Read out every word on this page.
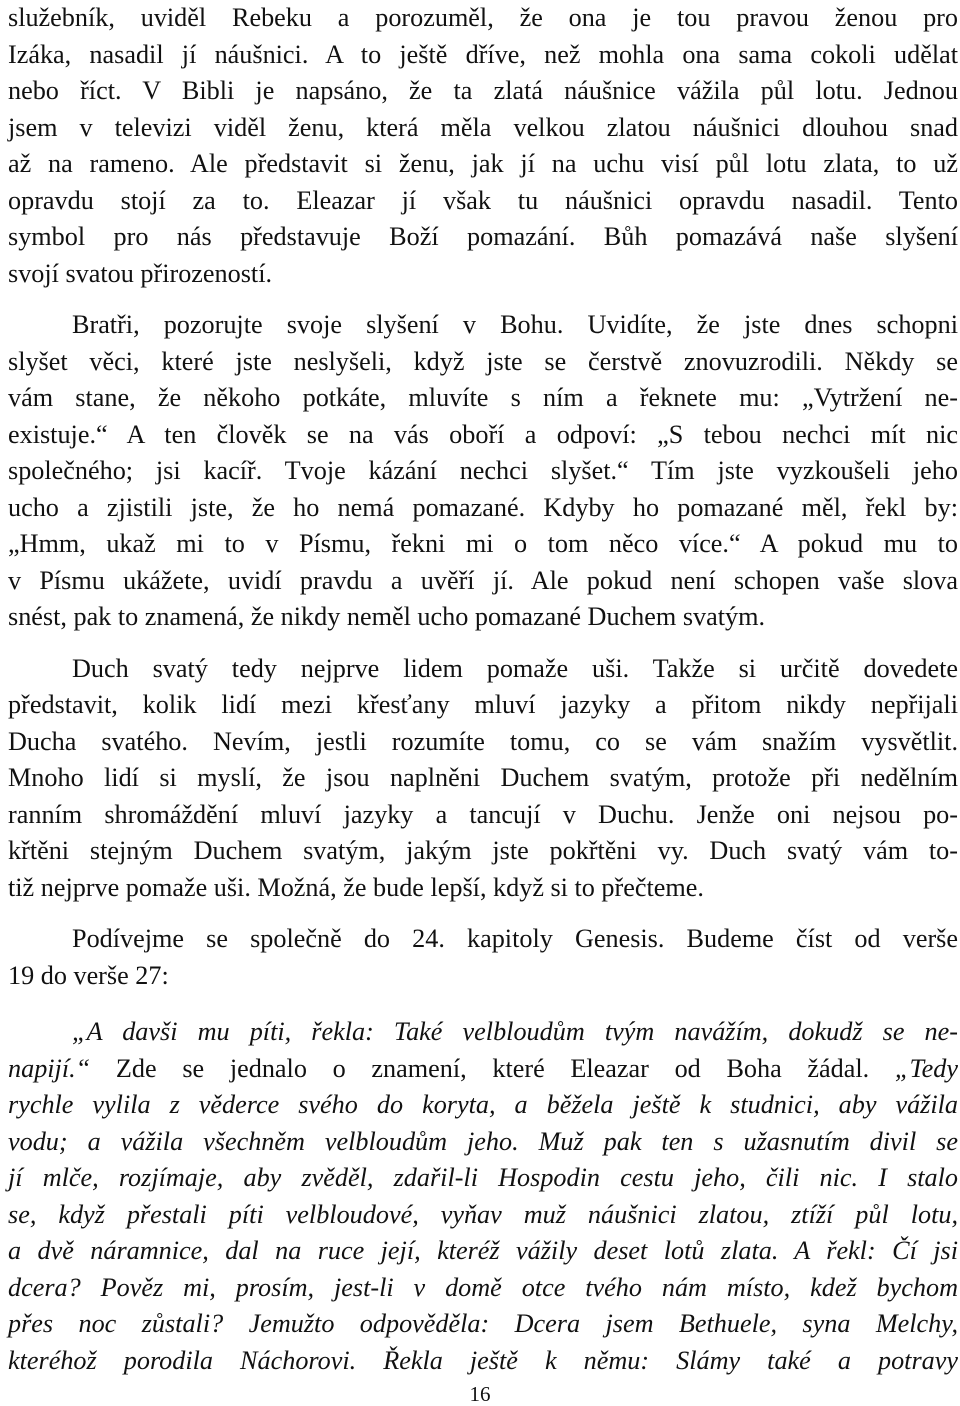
služebník, uviděl Rebeku a porozuměl, že ona je tou pravou ženou pro
Izáka, nasadil jí náušnici. A to ještě dříve, než mohla ona sama cokoli udělat
nebo říct. V Bibli je napsáno, že ta zlatá náušnice vážila půl lotu. Jednou
jsem v televizi viděl ženu, která měla velkou zlatou náušnici dlouhou snad
až na rameno. Ale představit si ženu, jak jí na uchu visí půl lotu zlata, to už
opravdu stojí za to. Eleazar jí však tu náušnici opravdu nasadil. Tento
symbol pro nás představuje Boží pomazání. Bůh pomazává naše slyšení
svojí svatou přirozeností.
Bratři, pozorujte svoje slyšení v Bohu. Uvidíte, že jste dnes schopni
slyšet věci, které jste neslyšeli, když jste se čerstvě znovuzrodili. Někdy se
vám stane, že někoho potkáte, mluvíte s ním a řeknete mu: „Vytržení ne-
existuje.“ A ten člověk se na vás oboří a odpoví: „S tebou nechci mít nic
společného; jsi kacíř. Tvoje kázání nechci slyšet.“ Tím jste vyzkoušeli jeho
ucho a zjistili jste, že ho nemá pomazané. Kdyby ho pomazané měl, řekl by:
„Hmm, ukaž mi to v Písmu, řekni mi o tom něco více.“ A pokud mu to
v Písmu ukážete, uvidí pravdu a uvěří jí. Ale pokud není schopen vaše slova
snést, pak to znamená, že nikdy neměl ucho pomazané Duchem svatým.
Duch svatý tedy nejprve lidem pomaže uši. Takže si určitě dovedete
představit, kolik lidí mezi křesťany mluví jazyky a přitom nikdy nepřijali
Ducha svatého. Nevím, jestli rozumíte tomu, co se vám snažím vysvětlit.
Mnoho lidí si myslí, že jsou naplněni Duchem svatým, protože při nedělním
ranním shromáždění mluví jazyky a tancují v Duchu. Jenže oni nejsou po-
křtěni stejným Duchem svatým, jakým jste pokřtěni vy. Duch svatý vám to-
tiž nejprve pomaže uši. Možná, že bude lepší, když si to přečteme.
Podívejme se společně do 24. kapitoly Genesis. Budeme číst od verše
19 do verše 27:
„A davši mu píti, řekla: Také velbloudům tvým navážím, dokudž se ne-
napijí.“ Zde se jednalo o znamení, které Eleazar od Boha žádal. „Tedy
rychle vylila z věderce svého do koryta, a běžela ještě k studnici, aby vážila
vodu; a vážila všechněm velbloudům jeho. Muž pak ten s užasnutím divil se
jí mlče, rozjímaje, aby zvěděl, zdařil-li Hospodin cestu jeho, čili nic. I stalo
se, když přestali píti velbloudové, vyňav muž náušnici zlatou, ztíží půl lotu,
a dvě náramnice, dal na ruce její, kteréž vážily deset lotů zlata. A řekl: Čí jsi
dcera? Pověz mi, prosím, jest-li v domě otce tvého nám místo, kdež bychom
přes noc zůstali? Jemužto odpověděla: Dcera jsem Bethuele, syna Melchy,
kteréhož porodila Náchorovi. Řekla ještě k němu: Slámy také a potravy
16
